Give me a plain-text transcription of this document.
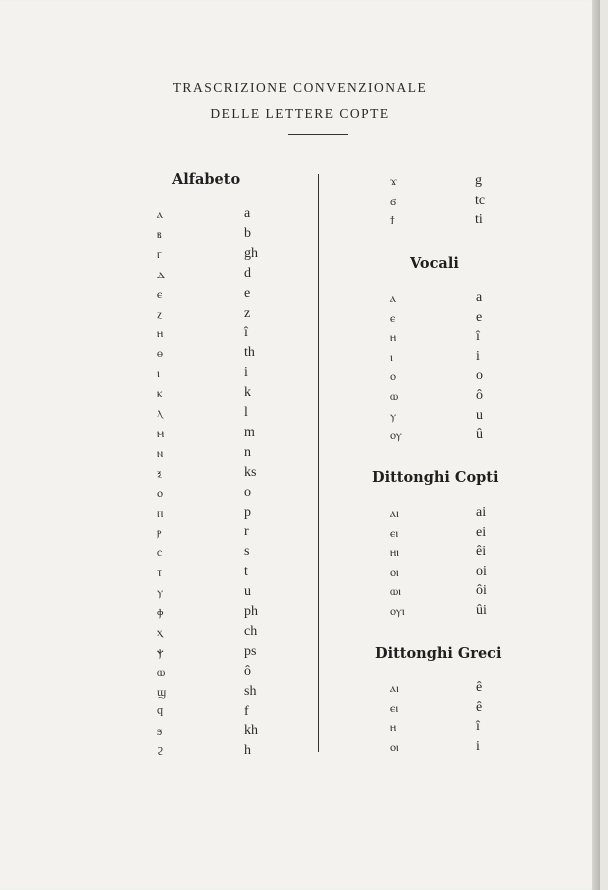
TRASCRIZIONE CONVENZIONALE
DELLE LETTERE COPTE
Alfabeto
ⲁ	a
ⲃ	b
ⲅ	gh
ⲇ	d
ⲉ	e
ⲍ	z
ⲏ	î
ⲑ	th
ⲓ	i
ⲕ	k
ⲗ	l
ⲙ	m
ⲛ	n
ⲝ	ks
ⲟ	o
ⲡ	p
ⲣ	r
ⲥ	s
ⲧ	t
ⲩ	u
ⲫ	ph
ⲭ	ch
ⲯ	ps
ⲱ	ô
ϣ	sh
ϥ	f
ϧ	kh
ϩ	h
ϫ	g
ϭ	tc
ϯ	ti
Vocali
ⲁ	a
ⲉ	e
ⲏ	î
ⲓ	i
ⲟ	o
ⲱ	ô
ⲩ	u
ⲟⲩ	û
Dittonghi Copti
ⲁⲓ	ai
ⲉⲓ	ei
ⲏⲓ	êi
ⲟⲓ	oi
ⲱⲓ	ôi
ⲟⲩⲓ	ûi
Dittonghi Greci
ⲁⲓ	ê
ⲉⲓ	ê
ⲏ	î
ⲟⲓ	i
